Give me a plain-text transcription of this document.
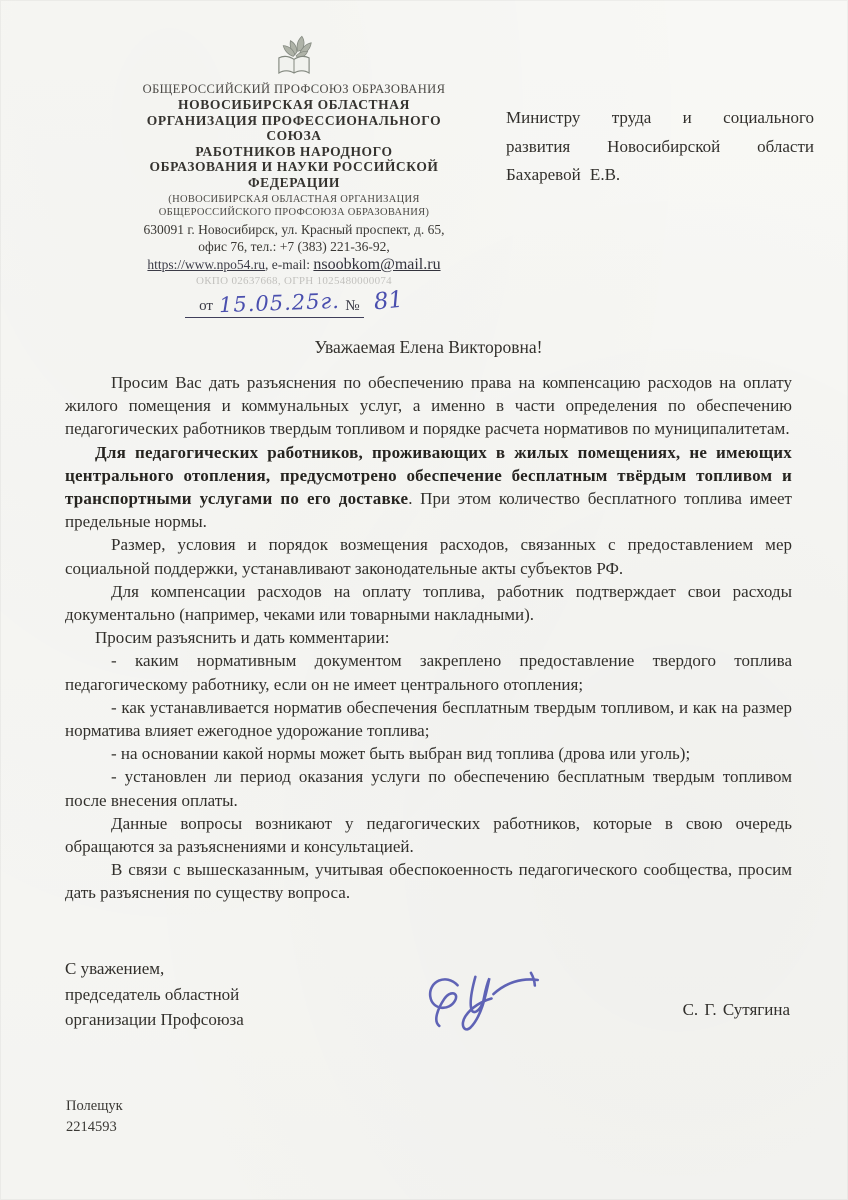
ОБЩЕРОССИЙСКИЙ ПРОФСОЮЗ ОБРАЗОВАНИЯ
НОВОСИБИРСКАЯ ОБЛАСТНАЯ
ОРГАНИЗАЦИЯ ПРОФЕССИОНАЛЬНОГО
СОЮЗА
РАБОТНИКОВ НАРОДНОГО
ОБРАЗОВАНИЯ И НАУКИ РОССИЙСКОЙ
ФЕДЕРАЦИИ
(НОВОСИБИРСКАЯ ОБЛАСТНАЯ ОРГАНИЗАЦИЯ
ОБЩЕРОССИЙСКОГО ПРОФСОЮЗА ОБРАЗОВАНИЯ)
630091 г. Новосибирск, ул. Красный проспект, д. 65,
офис 76, тел.: +7 (383) 221-36-92,
https://www.npo54.ru, e-mail: nsoobkom@mail.ru
ОКПО 02637668, ОГРН 1025480000074
от 15.05.25г. № 81
Министру труда и социального
развития Новосибирской области
Бахаревой Е.В.
Уважаемая Елена Викторовна!

Просим Вас дать разъяснения по обеспечению права на компенсацию расходов на оплату жилого помещения и коммунальных услуг, а именно в части определения по обеспечению педагогических работников твердым топливом и порядке расчета нормативов по муниципалитетам.

Для педагогических работников, проживающих в жилых помещениях, не имеющих центрального отопления, предусмотрено обеспечение бесплатным твёрдым топливом и транспортными услугами по его доставке. При этом количество бесплатного топлива имеет предельные нормы.

Размер, условия и порядок возмещения расходов, связанных с предоставлением мер социальной поддержки, устанавливают законодательные акты субъектов РФ.

Для компенсации расходов на оплату топлива, работник подтверждает свои расходы документально (например, чеками или товарными накладными).

Просим разъяснить и дать комментарии:

- каким нормативным документом закреплено предоставление твердого топлива педагогическому работнику, если он не имеет центрального отопления;

- как устанавливается норматив обеспечения бесплатным твердым топливом, и как на размер норматива влияет ежегодное удорожание топлива;

- на основании какой нормы может быть выбран вид топлива (дрова или уголь);

- установлен ли период оказания услуги по обеспечению бесплатным твердым топливом после внесения оплаты.

Данные вопросы возникают у педагогических работников, которые в свою очередь обращаются за разъяснениями и консультацией.

В связи с вышесказанным, учитывая обеспокоенность педагогического сообщества, просим дать разъяснения по существу вопроса.

С уважением,
председатель областной
организации Профсоюза
С. Г. Сутягина
Полещук
2214593
